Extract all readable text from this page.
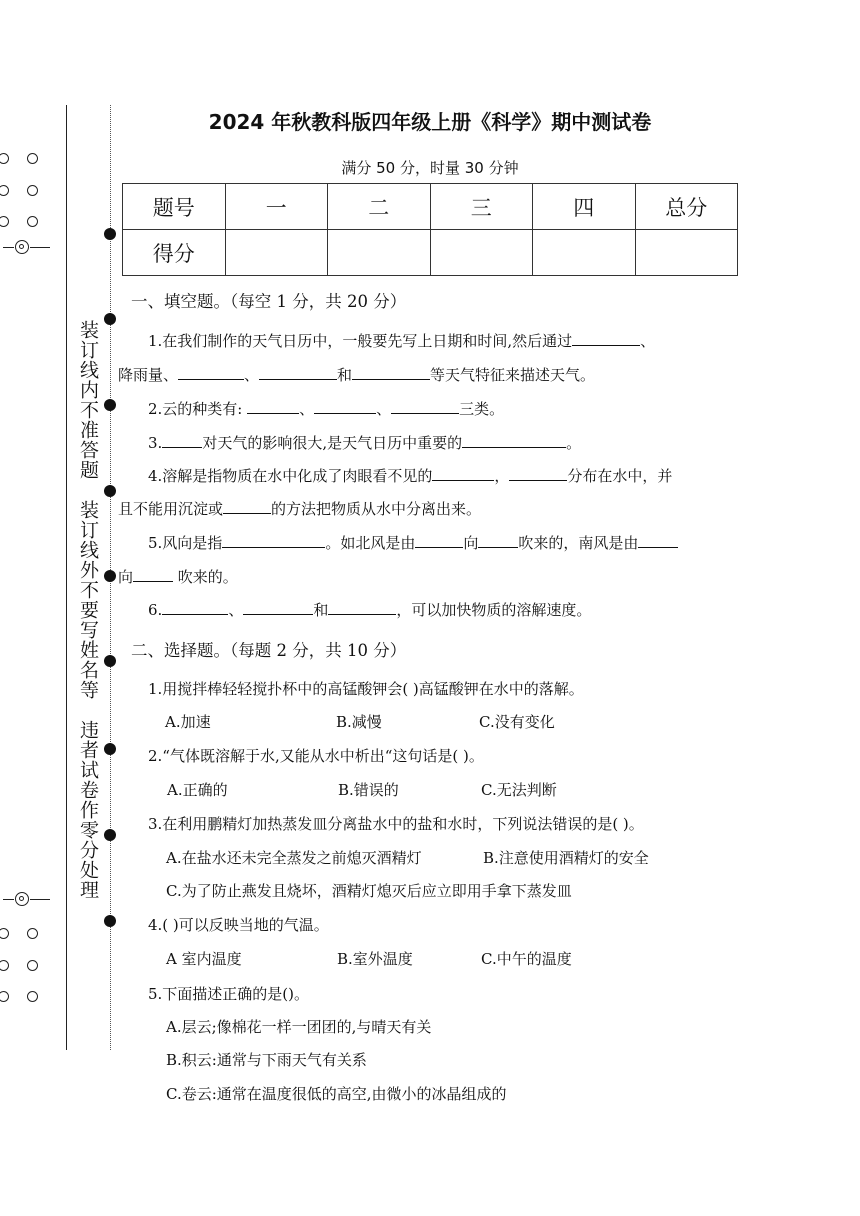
装订线内不准答题装订线外不要写姓名等违者试卷作零分处理
2024 年秋教科版四年级上册《科学》期中测试卷
满分 50 分，时量 30 分钟
题号	一	二	三	四	总分
得分					
一、填空题。（每空 1 分，共 20 分）
1.在我们制作的天气日历中，一般要先写上日期和时间,然后通过	、
降雨量、	、	和	等天气特征来描述天气。
2.云的种类有:	、	、	三类。
3.	对天气的影响很大,是天气日历中重要的	。
4.溶解是指物质在水中化成了肉眼看不见的	，	分布在水中，并
且不能用沉淀或	的方法把物质从水中分离出来。
5.风向是指	。如北风是由	向	吹来的，南风是由
向	吹来的。
6.	、	和	，可以加快物质的溶解速度。
二、选择题。（每题 2 分，共 10 分）
1.用搅拌棒轻轻搅扑杯中的高锰酸钾会( )高锰酸钾在水中的落解。
A.加速	B.减慢	C.没有变化
2.“气体既溶解于水,又能从水中析出“这句话是( )。
A.正确的	B.错误的	C.无法判断
3.在利用鹏精灯加热蒸发皿分离盐水中的盐和水时，下列说法错误的是( )。
A.在盐水还未完全蒸发之前熄灭酒精灯	B.注意使用酒精灯的安全
C.为了防止燕发且烧坏，酒精灯熄灭后应立即用手拿下蒸发皿
4.( )可以反映当地的气温。
A 室内温度	B.室外温度	C.中午的温度
5.下面描述正确的是()。
A.层云;像棉花一样一团团的,与晴天有关
B.积云:通常与下雨天气有关系
C.卷云:通常在温度很低的高空,由微小的冰晶组成的
